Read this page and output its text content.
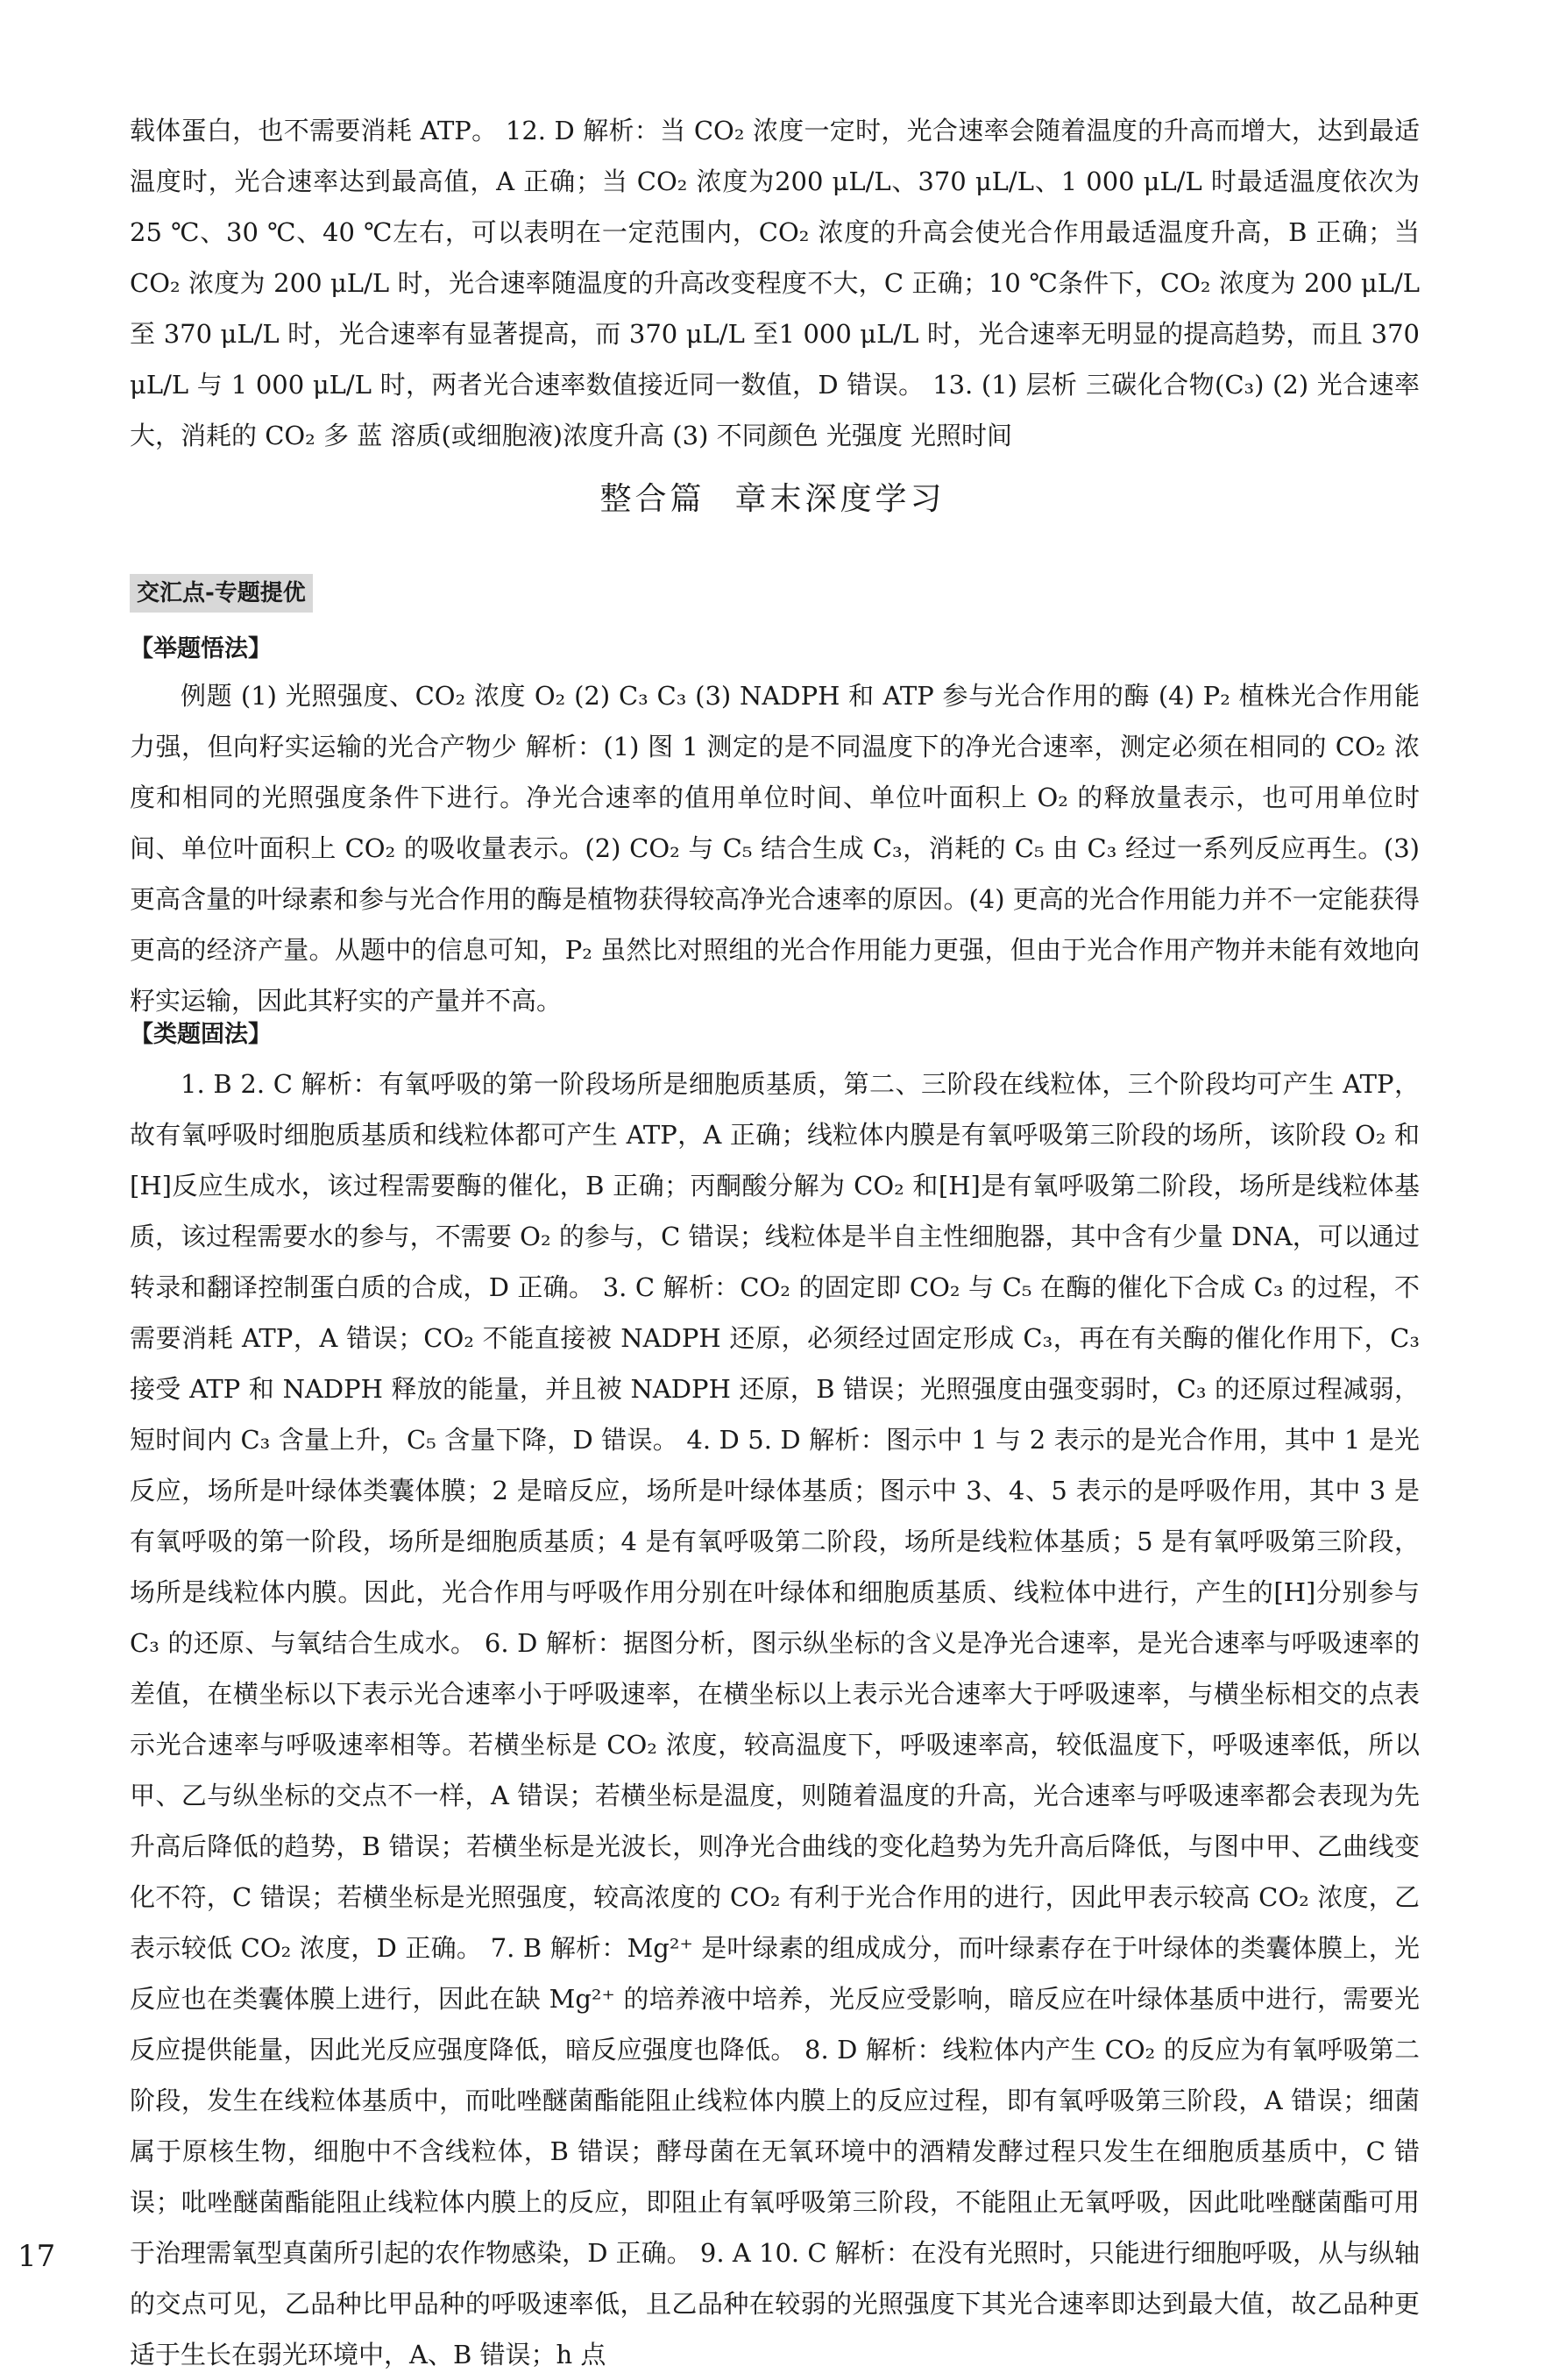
载体蛋白，也不需要消耗 ATP。 12. D 解析：当 CO₂ 浓度一定时，光合速率会随着温度的升高而增大，达到最适温度时，光合速率达到最高值，A 正确；当 CO₂ 浓度为200 μL/L、370 μL/L、1 000 μL/L 时最适温度依次为 25 ℃、30 ℃、40 ℃左右，可以表明在一定范围内，CO₂ 浓度的升高会使光合作用最适温度升高，B 正确；当 CO₂ 浓度为 200 μL/L 时，光合速率随温度的升高改变程度不大，C 正确；10 ℃条件下，CO₂ 浓度为 200 μL/L 至 370 μL/L 时，光合速率有显著提高，而 370 μL/L 至1 000 μL/L 时，光合速率无明显的提高趋势，而且 370 μL/L 与 1 000 μL/L 时，两者光合速率数值接近同一数值，D 错误。 13. (1) 层析 三碳化合物(C₃) (2) 光合速率大，消耗的 CO₂ 多 蓝 溶质(或细胞液)浓度升高 (3) 不同颜色 光强度 光照时间

整合篇 章末深度学习
交汇点-专题提优
【举题悟法】

例题 (1) 光照强度、CO₂ 浓度 O₂ (2) C₃ C₃ (3) NADPH 和 ATP 参与光合作用的酶 (4) P₂ 植株光合作用能力强，但向籽实运输的光合产物少 解析：(1) 图 1 测定的是不同温度下的净光合速率，测定必须在相同的 CO₂ 浓度和相同的光照强度条件下进行。净光合速率的值用单位时间、单位叶面积上 O₂ 的释放量表示，也可用单位时间、单位叶面积上 CO₂ 的吸收量表示。(2) CO₂ 与 C₅ 结合生成 C₃，消耗的 C₅ 由 C₃ 经过一系列反应再生。(3) 更高含量的叶绿素和参与光合作用的酶是植物获得较高净光合速率的原因。(4) 更高的光合作用能力并不一定能获得更高的经济产量。从题中的信息可知，P₂ 虽然比对照组的光合作用能力更强，但由于光合作用产物并未能有效地向籽实运输，因此其籽实的产量并不高。

【类题固法】

1. B 2. C 解析：有氧呼吸的第一阶段场所是细胞质基质，第二、三阶段在线粒体，三个阶段均可产生 ATP，故有氧呼吸时细胞质基质和线粒体都可产生 ATP，A 正确；线粒体内膜是有氧呼吸第三阶段的场所，该阶段 O₂ 和[H]反应生成水，该过程需要酶的催化，B 正确；丙酮酸分解为 CO₂ 和[H]是有氧呼吸第二阶段，场所是线粒体基质，该过程需要水的参与，不需要 O₂ 的参与，C 错误；线粒体是半自主性细胞器，其中含有少量 DNA，可以通过转录和翻译控制蛋白质的合成，D 正确。 3. C 解析：CO₂ 的固定即 CO₂ 与 C₅ 在酶的催化下合成 C₃ 的过程，不需要消耗 ATP，A 错误；CO₂ 不能直接被 NADPH 还原，必须经过固定形成 C₃，再在有关酶的催化作用下，C₃ 接受 ATP 和 NADPH 释放的能量，并且被 NADPH 还原，B 错误；光照强度由强变弱时，C₃ 的还原过程减弱，短时间内 C₃ 含量上升，C₅ 含量下降，D 错误。 4. D 5. D 解析：图示中 1 与 2 表示的是光合作用，其中 1 是光反应，场所是叶绿体类囊体膜；2 是暗反应，场所是叶绿体基质；图示中 3、4、5 表示的是呼吸作用，其中 3 是有氧呼吸的第一阶段，场所是细胞质基质；4 是有氧呼吸第二阶段，场所是线粒体基质；5 是有氧呼吸第三阶段，场所是线粒体内膜。因此，光合作用与呼吸作用分别在叶绿体和细胞质基质、线粒体中进行，产生的[H]分别参与 C₃ 的还原、与氧结合生成水。 6. D 解析：据图分析，图示纵坐标的含义是净光合速率，是光合速率与呼吸速率的差值，在横坐标以下表示光合速率小于呼吸速率，在横坐标以上表示光合速率大于呼吸速率，与横坐标相交的点表示光合速率与呼吸速率相等。若横坐标是 CO₂ 浓度，较高温度下，呼吸速率高，较低温度下，呼吸速率低，所以甲、乙与纵坐标的交点不一样，A 错误；若横坐标是温度，则随着温度的升高，光合速率与呼吸速率都会表现为先升高后降低的趋势，B 错误；若横坐标是光波长，则净光合曲线的变化趋势为先升高后降低，与图中甲、乙曲线变化不符，C 错误；若横坐标是光照强度，较高浓度的 CO₂ 有利于光合作用的进行，因此甲表示较高 CO₂ 浓度，乙表示较低 CO₂ 浓度，D 正确。 7. B 解析：Mg²⁺ 是叶绿素的组成成分，而叶绿素存在于叶绿体的类囊体膜上，光反应也在类囊体膜上进行，因此在缺 Mg²⁺ 的培养液中培养，光反应受影响，暗反应在叶绿体基质中进行，需要光反应提供能量，因此光反应强度降低，暗反应强度也降低。 8. D 解析：线粒体内产生 CO₂ 的反应为有氧呼吸第二阶段，发生在线粒体基质中，而吡唑醚菌酯能阻止线粒体内膜上的反应过程，即有氧呼吸第三阶段，A 错误；细菌属于原核生物，细胞中不含线粒体，B 错误；酵母菌在无氧环境中的酒精发酵过程只发生在细胞质基质中，C 错误；吡唑醚菌酯能阻止线粒体内膜上的反应，即阻止有氧呼吸第三阶段，不能阻止无氧呼吸，因此吡唑醚菌酯可用于治理需氧型真菌所引起的农作物感染，D 正确。 9. A 10. C 解析：在没有光照时，只能进行细胞呼吸，从与纵轴的交点可见，乙品种比甲品种的呼吸速率低，且乙品种在较弱的光照强度下其光合速率即达到最大值，故乙品种更适于生长在弱光环境中，A、B 错误；h 点

17
